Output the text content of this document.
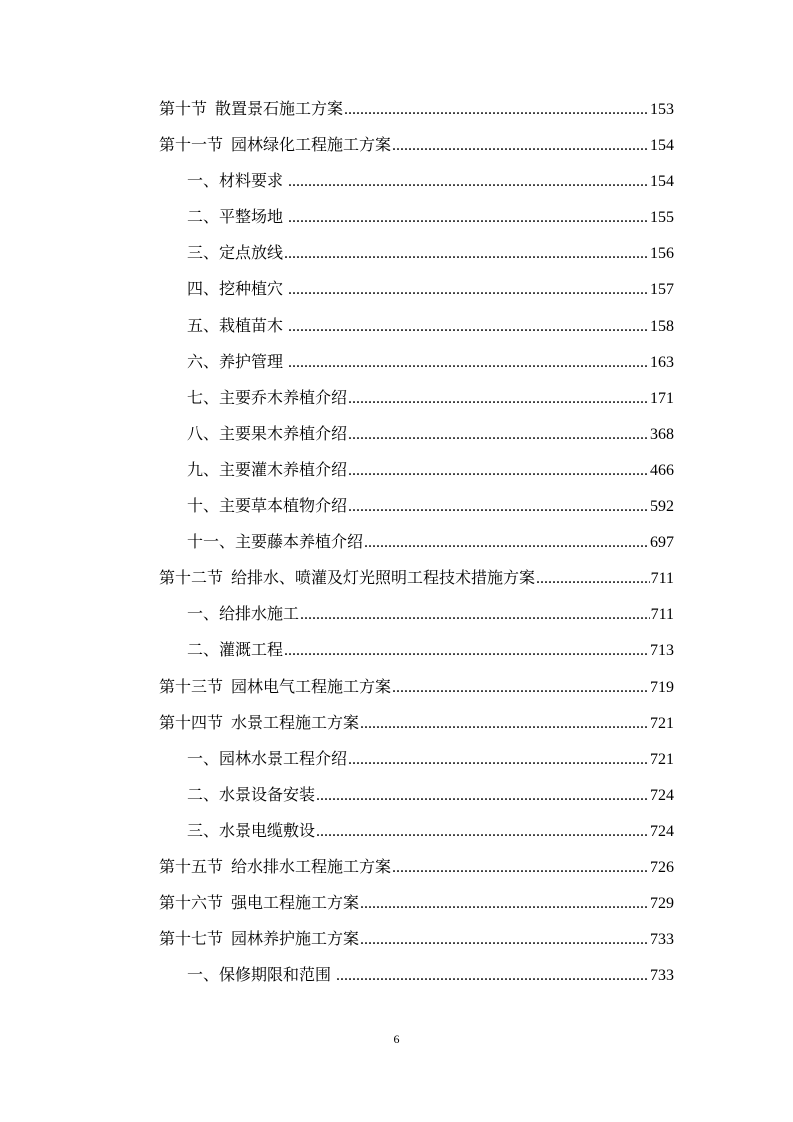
第十节  散置景石施工方案 .....	153
第十一节  园林绿化工程施工方案 .....	154
一、材料要求 .....	154
二、平整场地 .....	155
三、定点放线 .....	156
四、挖种植穴 .....	157
五、栽植苗木 .....	158
六、养护管理 .....	163
七、主要乔木养植介绍 .....	171
八、主要果木养植介绍 .....	368
九、主要灌木养植介绍 .....	466
十、主要草本植物介绍 .....	592
十一、主要藤本养植介绍 .....	697
第十二节  给排水、喷灌及灯光照明工程技术措施方案 .....	711
一、给排水施工 .....	711
二、灌溉工程 .....	713
第十三节  园林电气工程施工方案 .....	719
第十四节  水景工程施工方案 .....	721
一、园林水景工程介绍 .....	721
二、水景设备安装 .....	724
三、水景电缆敷设 .....	724
第十五节  给水排水工程施工方案 .....	726
第十六节  强电工程施工方案 .....	729
第十七节  园林养护施工方案 .....	733
一、保修期限和范围 .....	733
6
